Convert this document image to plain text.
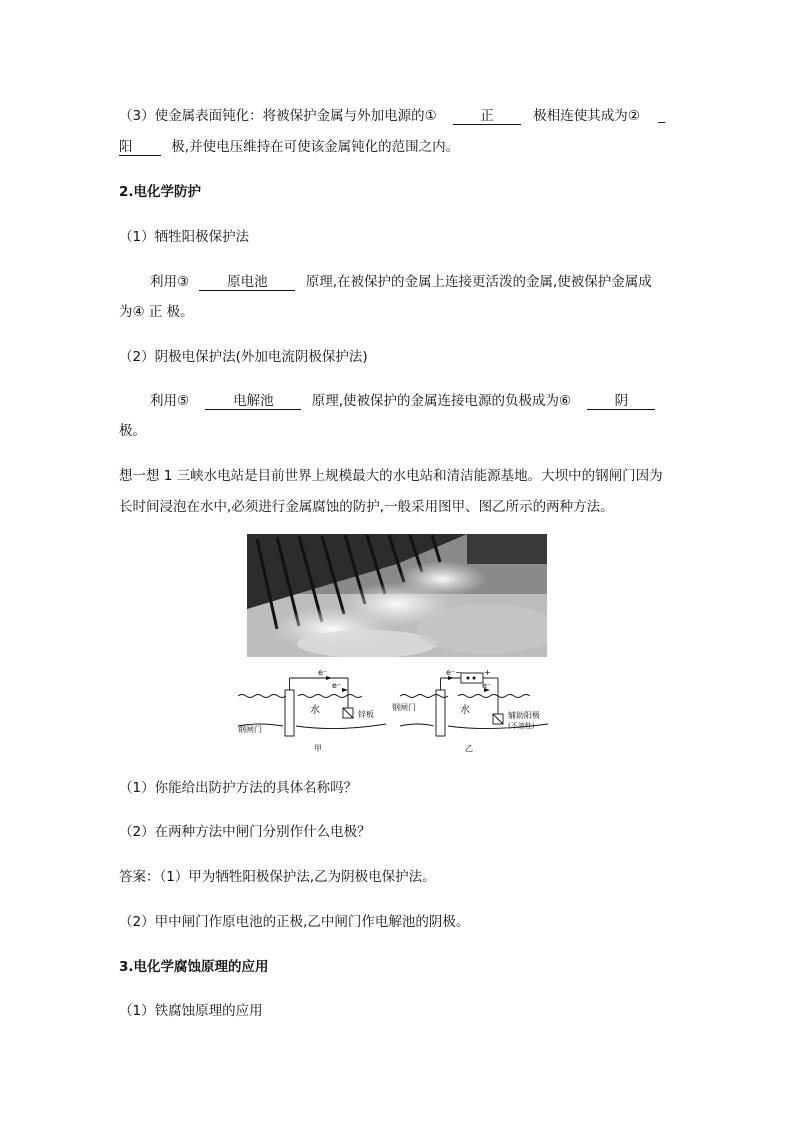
（3）使金属表面钝化：将被保护金属与外加电源的①	正	极相连使其成为② _
阳	极,并使电压维持在可使该金属钝化的范围之内。
2.电化学防护
（1）牺牲阳极保护法
利用③	原电池	原理,在被保护的金属上连接更活泼的金属,使被保护金属成
为④ 正 极。
（2）阴极电保护法(外加电流阴极保护法)
利用⑤	电解池	原理,使被保护的金属连接电源的负极成为⑥	阴
极。
想一想 1 三峡水电站是目前世界上规模最大的水电站和清洁能源基地。大坝中的钢闸门因为
长时间浸泡在水中,必须进行金属腐蚀的防护,一般采用图甲、图乙所示的两种方法。
e⁻
e⁻
水	锌板
钢闸门
甲
e⁻
e⁻
−	+
水	辅助阳极
(不溶性)
钢闸门
乙
（1）你能给出防护方法的具体名称吗？
（2）在两种方法中闸门分别作什么电极？
答案：（1）甲为牺牲阳极保护法,乙为阴极电保护法。
（2）甲中闸门作原电池的正极,乙中闸门作电解池的阴极。
3.电化学腐蚀原理的应用
（1）铁腐蚀原理的应用
